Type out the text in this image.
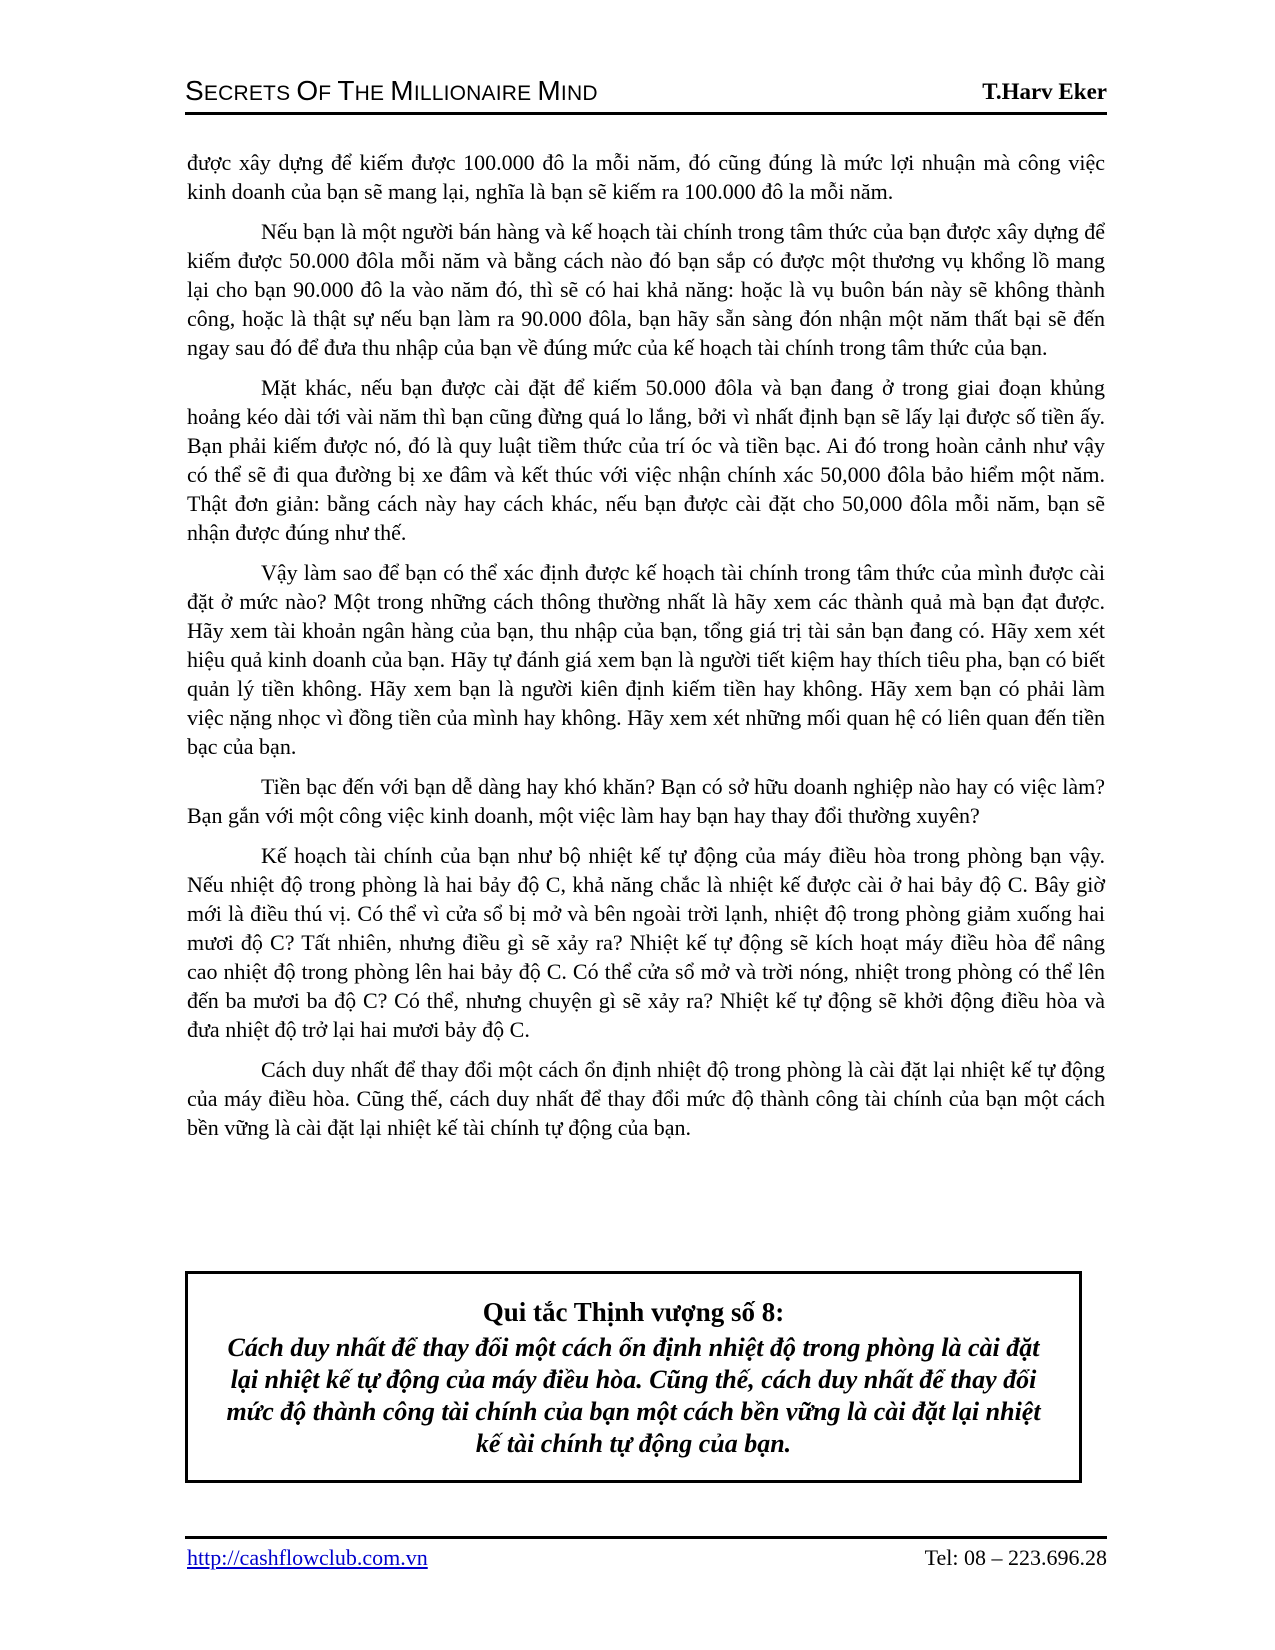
SECRETS OF THE MILLIONAIRE MIND	T.Harv Eker

được xây dựng để kiếm được 100.000 đô la mỗi năm, đó cũng đúng là mức lợi nhuận mà công việc kinh doanh của bạn sẽ mang lại, nghĩa là bạn sẽ kiếm ra 100.000 đô la mỗi năm.

Nếu bạn là một người bán hàng và kế hoạch tài chính trong tâm thức của bạn được xây dựng để kiếm được 50.000 đôla mỗi năm và bằng cách nào đó bạn sắp có được một thương vụ khổng lồ mang lại cho bạn 90.000 đô la vào năm đó, thì sẽ có hai khả năng: hoặc là vụ buôn bán này sẽ không thành công, hoặc là thật sự nếu bạn làm ra 90.000 đôla, bạn hãy sẵn sàng đón nhận một năm thất bại sẽ đến ngay sau đó để đưa thu nhập của bạn về đúng mức của kế hoạch tài chính trong tâm thức của bạn.

Mặt khác, nếu bạn được cài đặt để kiếm 50.000 đôla và bạn đang ở trong giai đoạn khủng hoảng kéo dài tới vài năm thì bạn cũng đừng quá lo lắng, bởi vì nhất định bạn sẽ lấy lại được số tiền ấy. Bạn phải kiếm được nó, đó là quy luật tiềm thức của trí óc và tiền bạc. Ai đó trong hoàn cảnh như vậy có thể sẽ đi qua đường bị xe đâm và kết thúc với việc nhận chính xác 50,000 đôla bảo hiểm một năm. Thật đơn giản: bằng cách này hay cách khác, nếu bạn được cài đặt cho 50,000 đôla mỗi năm, bạn sẽ nhận được đúng như thế.

Vậy làm sao để bạn có thể xác định được kế hoạch tài chính trong tâm thức của mình được cài đặt ở mức nào? Một trong những cách thông thường nhất là hãy xem các thành quả mà bạn đạt được. Hãy xem tài khoản ngân hàng của bạn, thu nhập của bạn, tổng giá trị tài sản bạn đang có. Hãy xem xét hiệu quả kinh doanh của bạn. Hãy tự đánh giá xem bạn là người tiết kiệm hay thích tiêu pha, bạn có biết quản lý tiền không. Hãy xem bạn là người kiên định kiếm tiền hay không. Hãy xem bạn có phải làm việc nặng nhọc vì đồng tiền của mình hay không. Hãy xem xét những mối quan hệ có liên quan đến tiền bạc của bạn.

Tiền bạc đến với bạn dễ dàng hay khó khăn? Bạn có sở hữu doanh nghiệp nào hay có việc làm? Bạn gắn với một công việc kinh doanh, một việc làm hay bạn hay thay đổi thường xuyên?

Kế hoạch tài chính của bạn như bộ nhiệt kế tự động của máy điều hòa trong phòng bạn vậy. Nếu nhiệt độ trong phòng là hai bảy độ C, khả năng chắc là nhiệt kế được cài ở hai bảy độ C. Bây giờ mới là điều thú vị. Có thể vì cửa sổ bị mở và bên ngoài trời lạnh, nhiệt độ trong phòng giảm xuống hai mươi độ C? Tất nhiên, nhưng điều gì sẽ xảy ra? Nhiệt kế tự động sẽ kích hoạt máy điều hòa để nâng cao nhiệt độ trong phòng lên hai bảy độ C. Có thể cửa sổ mở và trời nóng, nhiệt trong phòng có thể lên đến ba mươi ba độ C? Có thể, nhưng chuyện gì sẽ xảy ra? Nhiệt kế tự động sẽ khởi động điều hòa và đưa nhiệt độ trở lại hai mươi bảy độ C.

Cách duy nhất để thay đổi một cách ổn định nhiệt độ trong phòng là cài đặt lại nhiệt kế tự động của máy điều hòa. Cũng thế, cách duy nhất để thay đổi mức độ thành công tài chính của bạn một cách bền vững là cài đặt lại nhiệt kế tài chính tự động của bạn.

Qui tắc Thịnh vượng số 8:
Cách duy nhất để thay đổi một cách ổn định nhiệt độ trong phòng là cài đặt lại nhiệt kế tự động của máy điều hòa. Cũng thế, cách duy nhất để thay đổi mức độ thành công tài chính của bạn một cách bền vững là cài đặt lại nhiệt kế tài chính tự động của bạn.
http://cashflowclub.com.vn	Tel: 08 – 223.696.28
